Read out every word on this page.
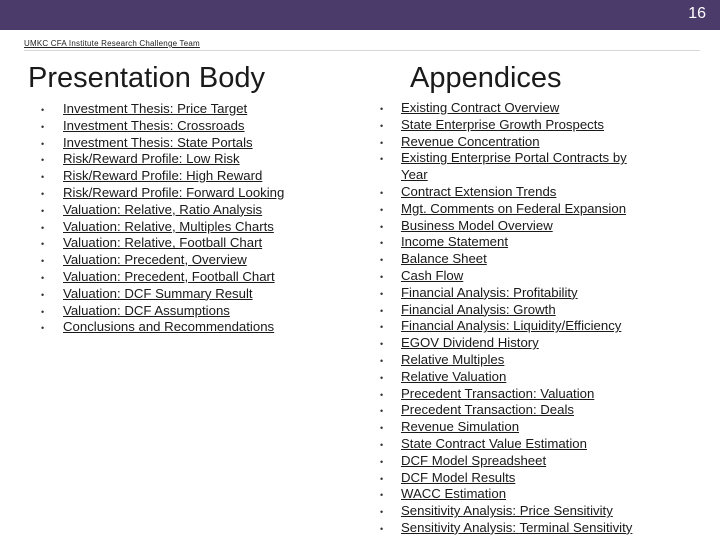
16
UMKC CFA Institute Research Challenge Team
Presentation Body	Appendices
• Investment Thesis: Price Target
• Investment Thesis: Crossroads
• Investment Thesis: State Portals
• Risk/Reward Profile: Low Risk
• Risk/Reward Profile: High Reward
• Risk/Reward Profile: Forward Looking
• Valuation: Relative, Ratio Analysis
• Valuation: Relative, Multiples Charts
• Valuation: Relative, Football Chart
• Valuation: Precedent, Overview
• Valuation: Precedent, Football Chart
• Valuation: DCF Summary Result
• Valuation: DCF Assumptions
• Conclusions and Recommendations
• Existing Contract Overview
• State Enterprise Growth Prospects
• Revenue Concentration
• Existing Enterprise Portal Contracts by Year
• Contract Extension Trends
• Mgt. Comments on Federal Expansion
• Business Model Overview
• Income Statement
• Balance Sheet
• Cash Flow
• Financial Analysis: Profitability
• Financial Analysis: Growth
• Financial Analysis: Liquidity/Efficiency
• EGOV Dividend History
• Relative Multiples
• Relative Valuation
• Precedent Transaction: Valuation
• Precedent Transaction: Deals
• Revenue Simulation
• State Contract Value Estimation
• DCF Model Spreadsheet
• DCF Model Results
• WACC Estimation
• Sensitivity Analysis: Price Sensitivity
• Sensitivity Analysis: Terminal Sensitivity
